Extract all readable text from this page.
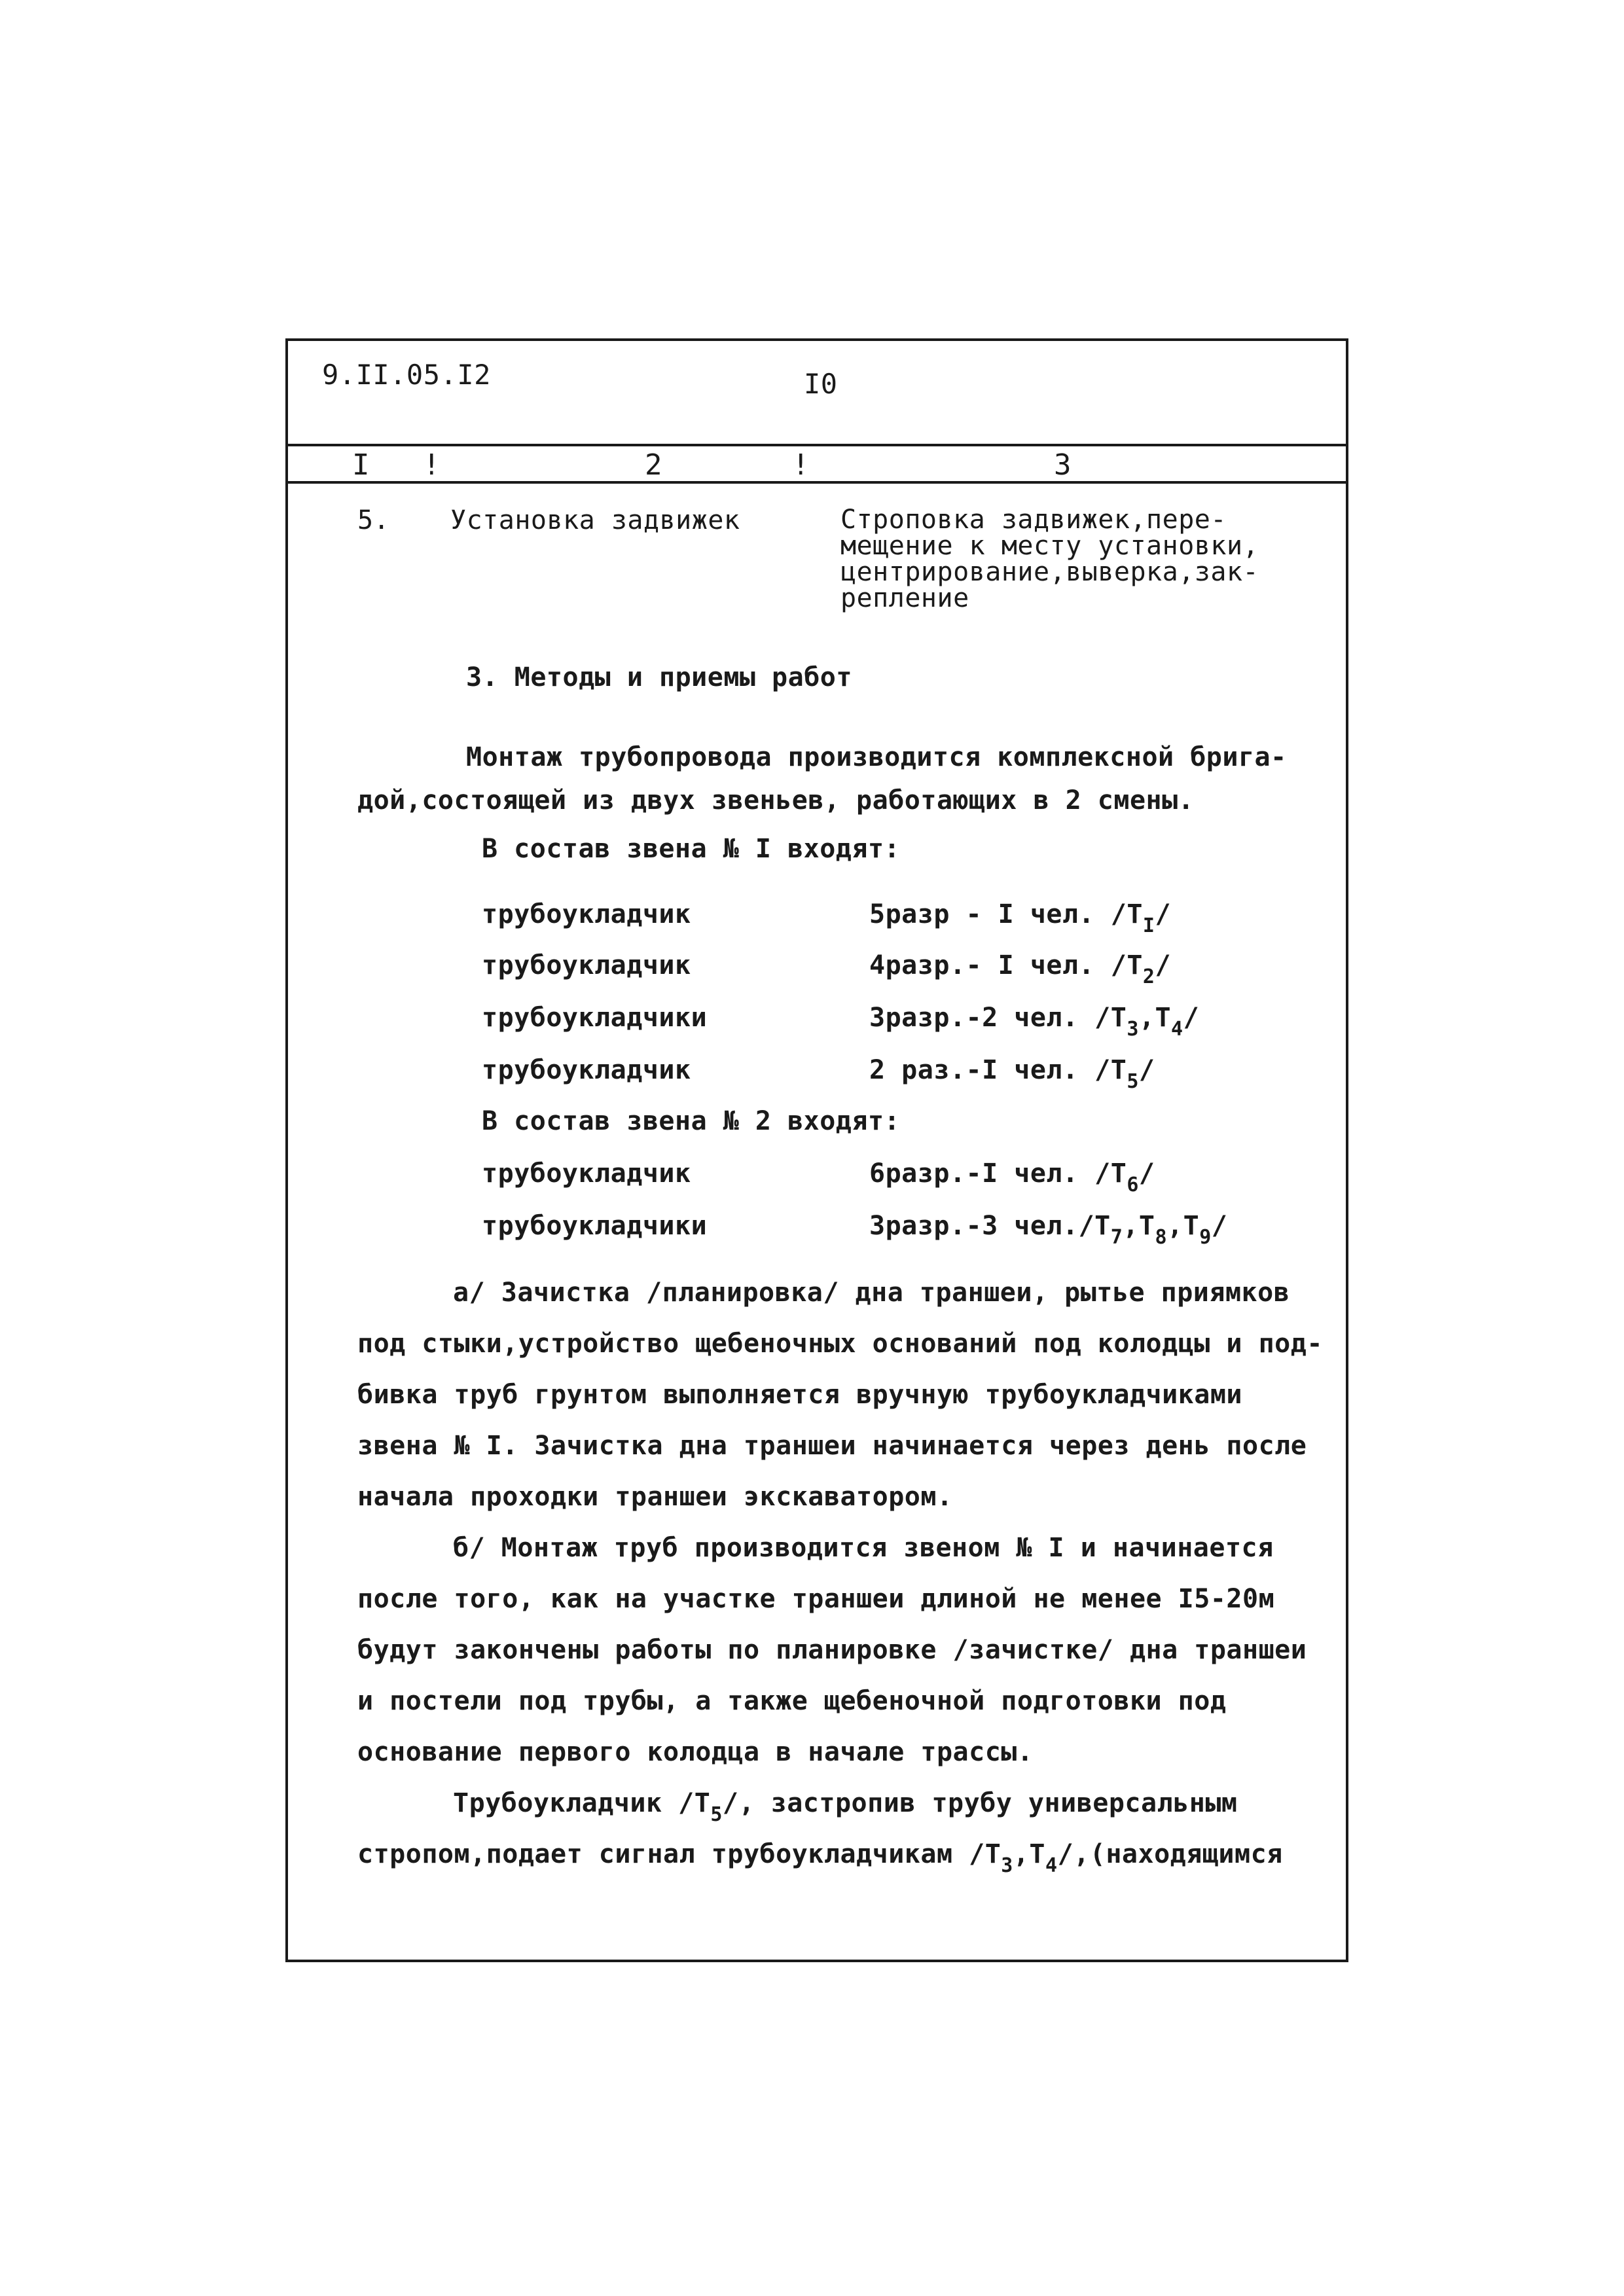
9.II.05.I2	I0
I !	2	!	3
5. Установка задвижек	Строповка задвижек,пере-
мещение к месту установки,
центрирование,выверка,зак-
репление
3. Методы и приемы работ
Монтаж трубопровода производится комплексной брига-
дой,состоящей из двух звеньев, работающих в 2 смены.
В состав звена № I входят:
трубоукладчик	5разр - I чел. $/Т_I/$
трубоукладчик	4разр.- I чел. $/Т_2/$
трубоукладчики	3разр.-2 чел. $/Т_3,Т_4/$
трубоукладчик	2 раз.-I чел. $/Т_5/$
В состав звена № 2 входят:
трубоукладчик	6разр.-I чел. $/Т_6/$
трубоукладчики	3разр.-3 $чел./Т_7,Т_8,Т_9/$
а/ Зачистка /планировка/ дна траншеи, рытье приямков
под стыки,устройство щебеночных оснований под колодцы и под-
бивка труб грунтом выполняется вручную трубоукладчиками
звена № I. Зачистка дна траншеи начинается через день после
начала проходки траншеи экскаватором.
б/ Монтаж труб производится звеном № I и начинается
после того, как на участке траншеи длиной не менее I5-20м
будут закончены работы по планировке /зачистке/ дна траншеи
и постели под трубы, а также щебеночной подготовки под
основание первого колодца в начале трассы.
Трубоукладчик $/Т_5/$, застропив трубу универсальным
стропом,подает сигнал трубоукладчикам $/Т_3,Т_4/,(находящимся$
